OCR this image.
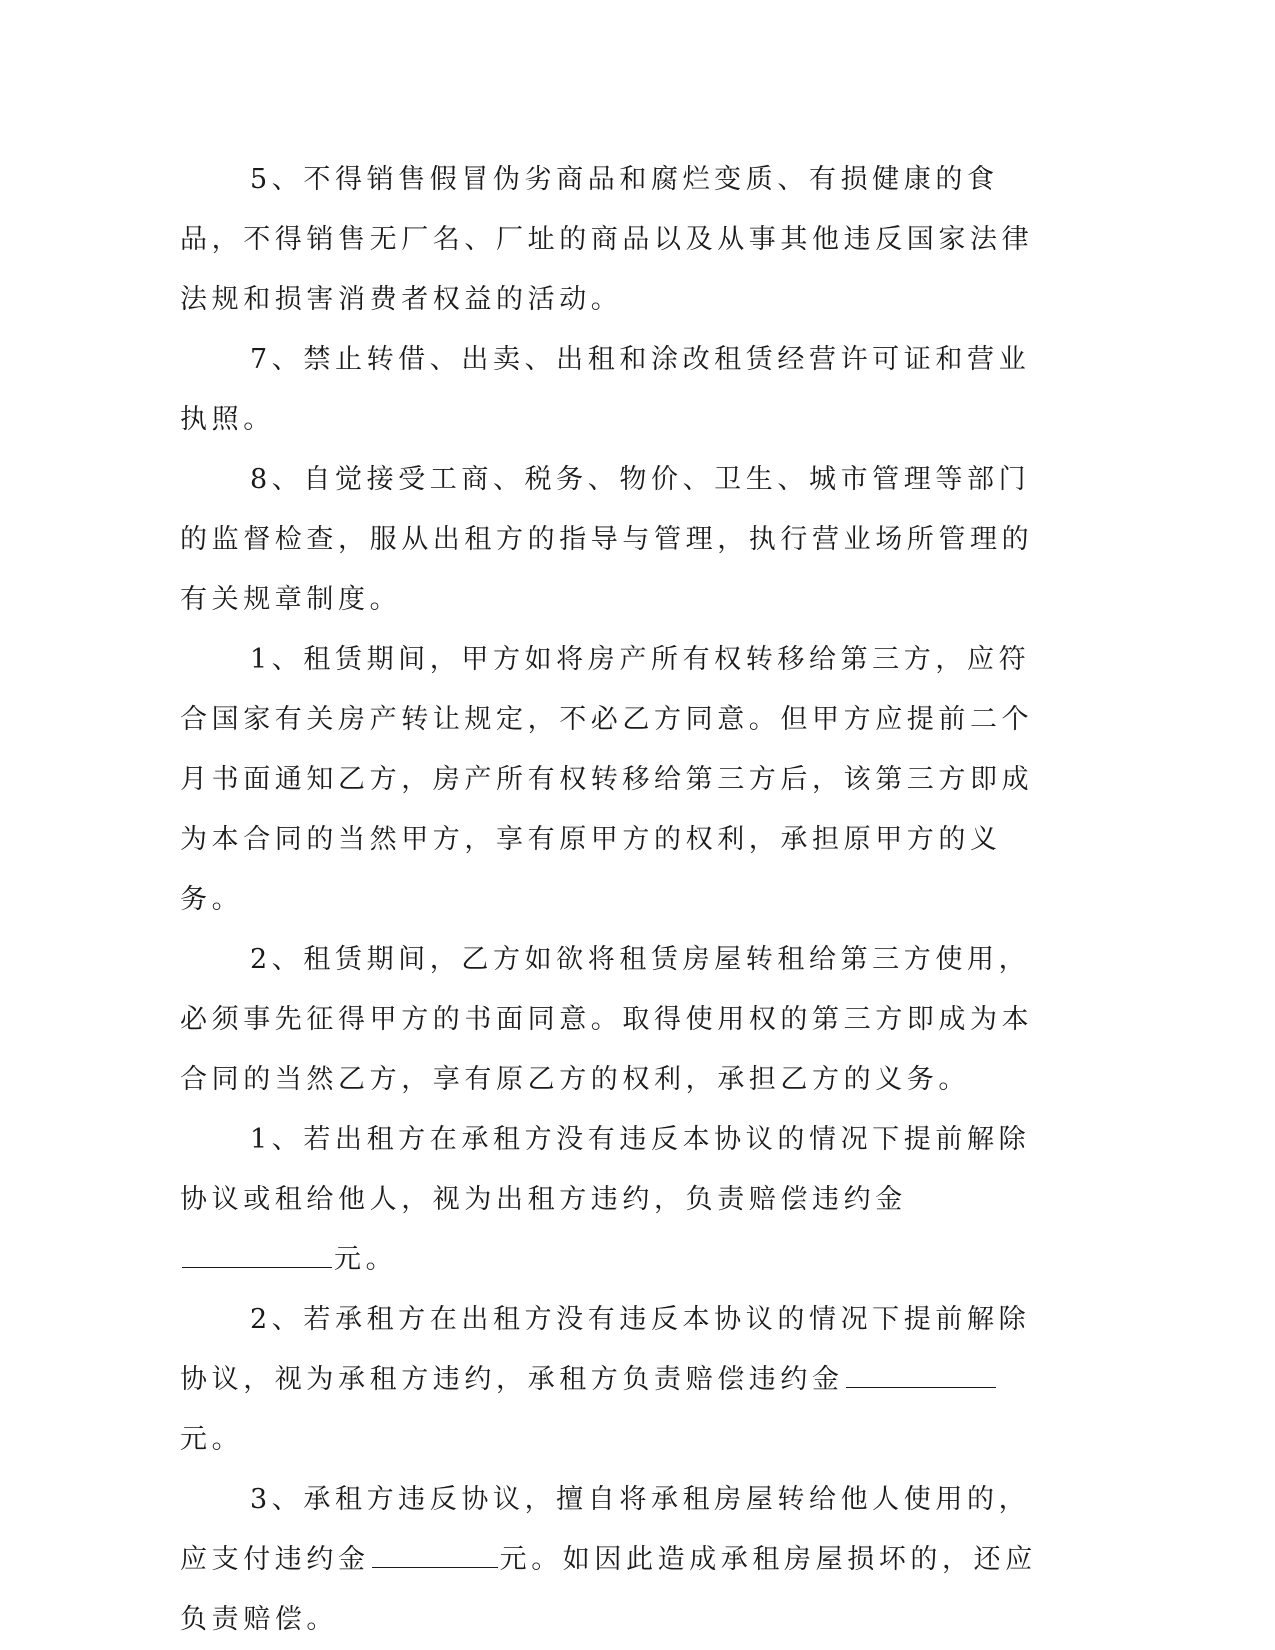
5、不得销售假冒伪劣商品和腐烂变质、有损健康的食品，不得销售无厂名、厂址的商品以及从事其他违反国家法律法规和损害消费者权益的活动。

7、禁止转借、出卖、出租和涂改租赁经营许可证和营业执照。

8、自觉接受工商、税务、物价、卫生、城市管理等部门的监督检查，服从出租方的指导与管理，执行营业场所管理的有关规章制度。

1、租赁期间，甲方如将房产所有权转移给第三方，应符合国家有关房产转让规定，不必乙方同意。但甲方应提前二个月书面通知乙方，房产所有权转移给第三方后，该第三方即成为本合同的当然甲方，享有原甲方的权利，承担原甲方的义务。

2、租赁期间，乙方如欲将租赁房屋转租给第三方使用，必须事先征得甲方的书面同意。取得使用权的第三方即成为本合同的当然乙方，享有原乙方的权利，承担乙方的义务。

1、若出租方在承租方没有违反本协议的情况下提前解除协议或租给他人，视为出租方违约，负责赔偿违约金元。

2、若承租方在出租方没有违反本协议的情况下提前解除协议，视为承租方违约，承租方负责赔偿违约金元。

3、承租方违反协议，擅自将承租房屋转给他人使用的，应支付违约金	元。如因此造成承租房屋损坏的，还应负责赔偿。
